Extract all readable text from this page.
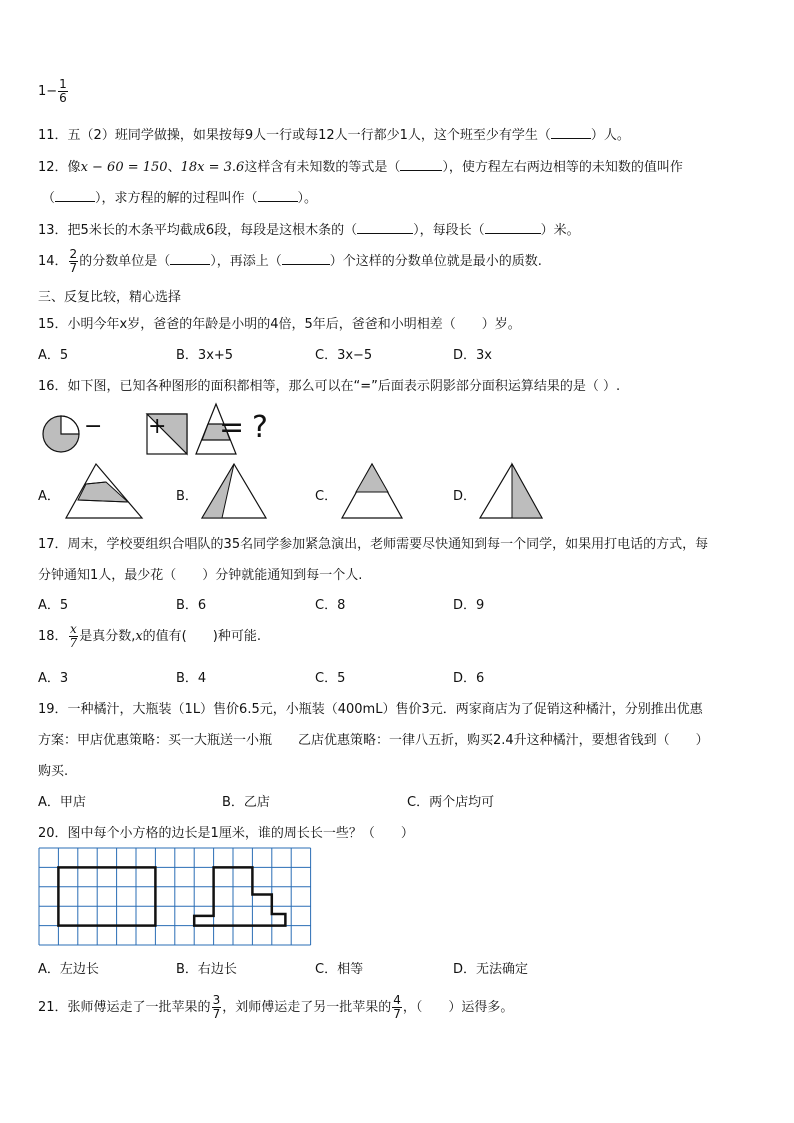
$1- \frac{1}{6}$
11．五（2）班同学做操，如果按每9人一行或每12人一行都少1人，这个班至少有学生（	）人。
12．像x − 60 = 150、18x = 3.6这样含有未知数的等式是（	），使方程左右两边相等的未知数的值叫作
（	），求方程的解的过程叫作（	）。
13．把5米长的木条平均截成6段，每段是这根木条的（	），每段长（	）米。
14． $\frac{2}{7}$ 的分数单位是（	），再添上（	）个这样的分数单位就是最小的质数.
三、反复比较，精心选择
15．小明今年x岁，爸爸的年龄是小明的4倍，5年后，爸爸和小明相差（　　）岁。
A．5	B．3x+5	C．3x−5	D．3x
16．如下图，已知各种图形的面积都相等，那么可以在“=”后面表示阴影部分面积运算结果的是（ ）.
− + = ?
A．	B．	C．	D．
17．周末，学校要组织合唱队的35名同学参加紧急演出，老师需要尽快通知到每一个同学，如果用打电话的方式，每
分钟通知1人，最少花（　　）分钟就能通知到每一个人.
A．5	B．6	C．8	D．9
18． $\frac{x}{7}$ 是真分数,x的值有(　　)种可能.
A．3	B．4	C．5	D．6
19．一种橘汁，大瓶装（1L）售价6.5元，小瓶装（400mL）售价3元．两家商店为了促销这种橘汁，分别推出优惠
方案：甲店优惠策略：买一大瓶送一小瓶　　乙店优惠策略：一律八五折，购买2.4升这种橘汁，要想省钱到（　　）
购买.
A．甲店	B．乙店	C．两个店均可
20．图中每个小方格的边长是1厘米，谁的周长长一些？（　　）
A．左边长	B．右边长	C．相等	D．无法确定
21．张师傅运走了一批苹果的 $\frac{3}{7}$ ，刘师傅运走了另一批苹果的 $\frac{4}{7}$ ，（　　）运得多。
